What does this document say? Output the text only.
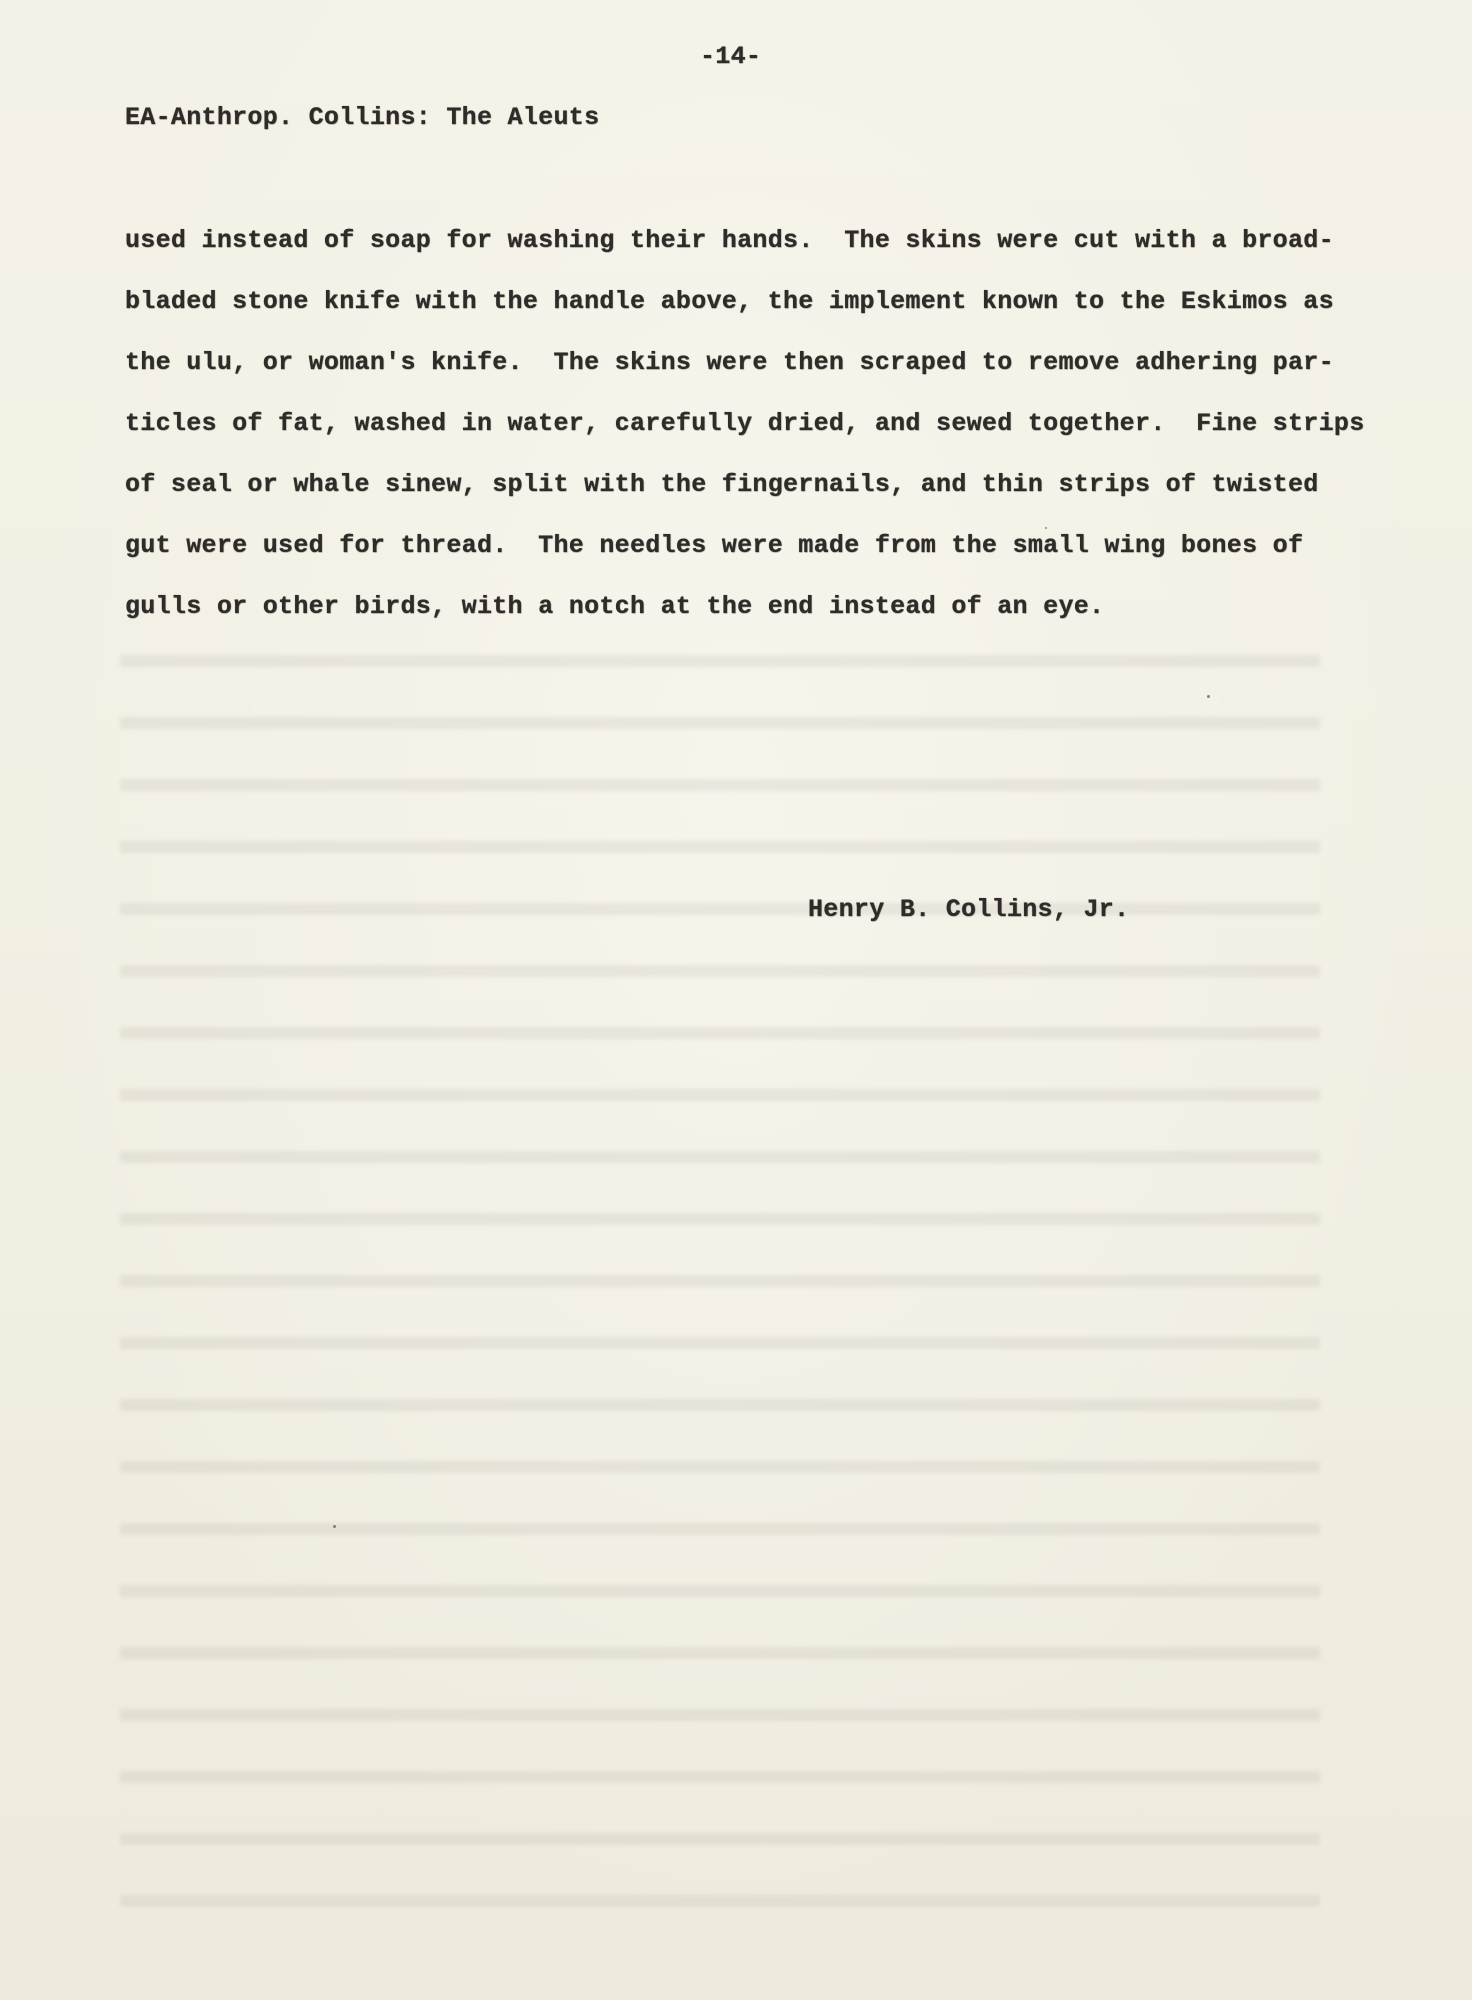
-14-
EA-Anthrop. Collins: The Aleuts
used instead of soap for washing their hands.  The skins were cut with a broad-
bladed stone knife with the handle above, the implement known to the Eskimos as
the ulu, or woman's knife.  The skins were then scraped to remove adhering par-
ticles of fat, washed in water, carefully dried, and sewed together.  Fine strips
of seal or whale sinew, split with the fingernails, and thin strips of twisted
gut were used for thread.  The needles were made from the small wing bones of
gulls or other birds, with a notch at the end instead of an eye.
Henry B. Collins, Jr.
